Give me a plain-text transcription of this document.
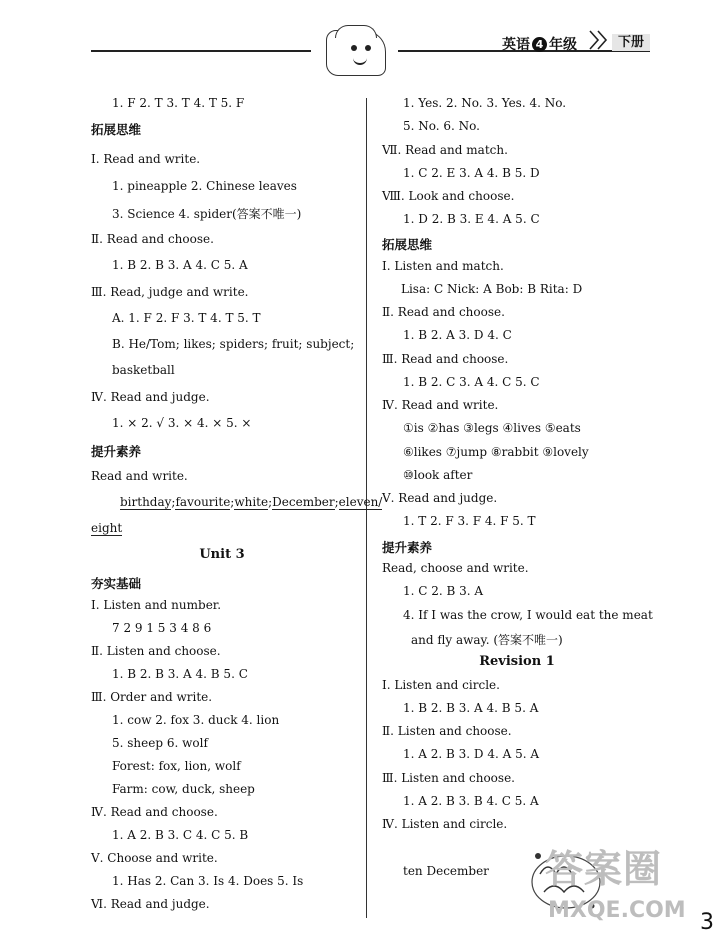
英语 4 年级	下册
1. F 2. T 3. T 4. T 5. F
拓展思维
Ⅰ. Read and write.
1. pineapple 2. Chinese leaves
3. Science 4. spider(答案不唯一)
Ⅱ. Read and choose.
1. B 2. B 3. A 4. C 5. A
Ⅲ. Read, judge and write.
A. 1. F 2. F 3. T 4. T 5. T
B. He/Tom; likes; spiders; fruit; subject;
basketball
Ⅳ. Read and judge.
1. × 2. √ 3. × 4. × 5. ×
提升素养
Read and write.
birthday;favourite;white;December;eleven/
eight
Unit 3
夯实基础
Ⅰ. Listen and number.
7 2 9 1 5 3 4 8 6
Ⅱ. Listen and choose.
1. B 2. B 3. A 4. B 5. C
Ⅲ. Order and write.
1. cow 2. fox 3. duck 4. lion
5. sheep 6. wolf
Forest: fox, lion, wolf
Farm: cow, duck, sheep
Ⅳ. Read and choose.
1. A 2. B 3. C 4. C 5. B
Ⅴ. Choose and write.
1. Has 2. Can 3. Is 4. Does 5. Is
Ⅵ. Read and judge.
1. Yes. 2. No. 3. Yes. 4. No.
5. No. 6. No.
Ⅶ. Read and match.
1. C 2. E 3. A 4. B 5. D
Ⅷ. Look and choose.
1. D 2. B 3. E 4. A 5. C
拓展思维
Ⅰ. Listen and match.
Lisa: C Nick: A Bob: B Rita: D
Ⅱ. Read and choose.
1. B 2. A 3. D 4. C
Ⅲ. Read and choose.
1. B 2. C 3. A 4. C 5. C
Ⅳ. Read and write.
①is ②has ③legs ④lives ⑤eats
⑥likes ⑦jump ⑧rabbit ⑨lovely
⑩look after
Ⅴ. Read and judge.
1. T 2. F 3. F 4. F 5. T
提升素养
Read, choose and write.
1. C 2. B 3. A
4. If I was the crow, I would eat the meat
and fly away. (答案不唯一)
Revision 1
Ⅰ. Listen and circle.
1. B 2. B 3. A 4. B 5. A
Ⅱ. Listen and choose.
1. A 2. B 3. D 4. A 5. A
Ⅲ. Listen and choose.
1. A 2. B 3. B 4. C 5. A
Ⅳ. Listen and circle.
ten December	答案圈
MXQE.COM 3
